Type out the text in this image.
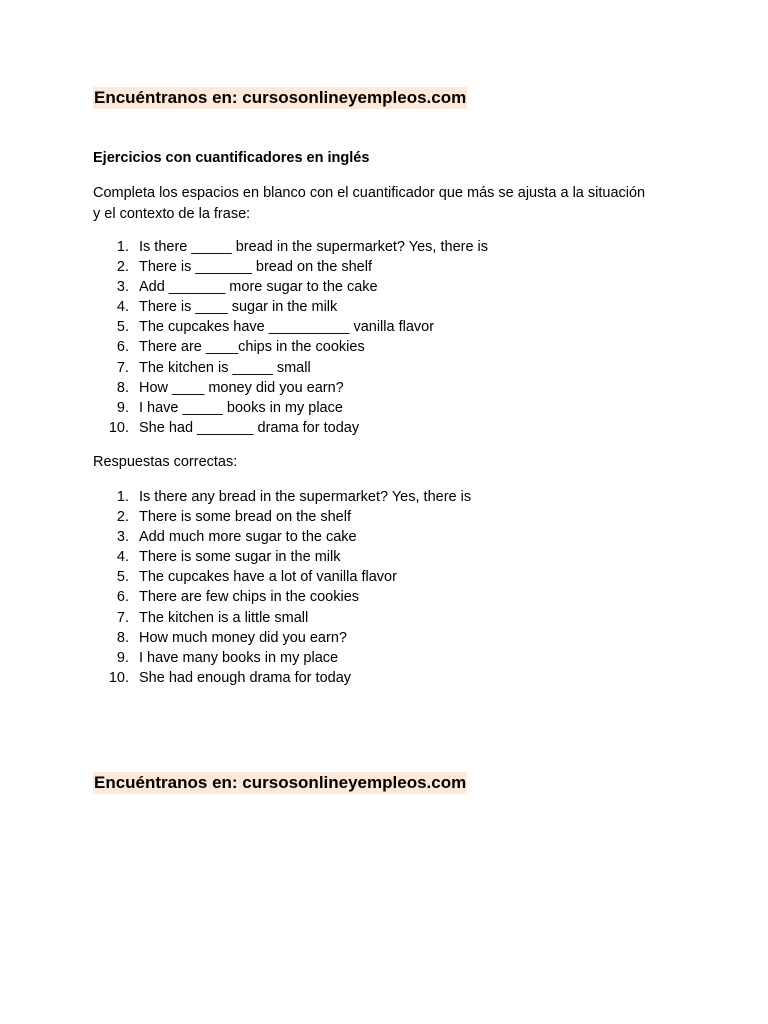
Encuéntranos en: cursosonlineyempleos.com
Ejercicios con cuantificadores en inglés
Completa los espacios en blanco con el cuantificador que más se ajusta a la situación y el contexto de la frase:
1 . Is there _____ bread in the supermarket? Yes, there is
2 . There is _______ bread on the shelf
3 . Add _______ more sugar to the cake
4 . There is ____ sugar in the milk
5 . The cupcakes have __________ vanilla flavor
6 . There are ____chips in the cookies
7 . The kitchen is _____ small
8 . How ____ money did you earn?
9 . I have _____ books in my place
10 . She had _______ drama for today
Respuestas correctas:
1 . Is there any bread in the supermarket? Yes, there is
2 . There is some bread on the shelf
3 . Add much more sugar to the cake
4 . There is some sugar in the milk
5 . The cupcakes have a lot of vanilla flavor
6 . There are few chips in the cookies
7 . The kitchen is a little small
8 . How much money did you earn?
9 . I have many books in my place
10 . She had enough drama for today
Encuéntranos en: cursosonlineyempleos.com
